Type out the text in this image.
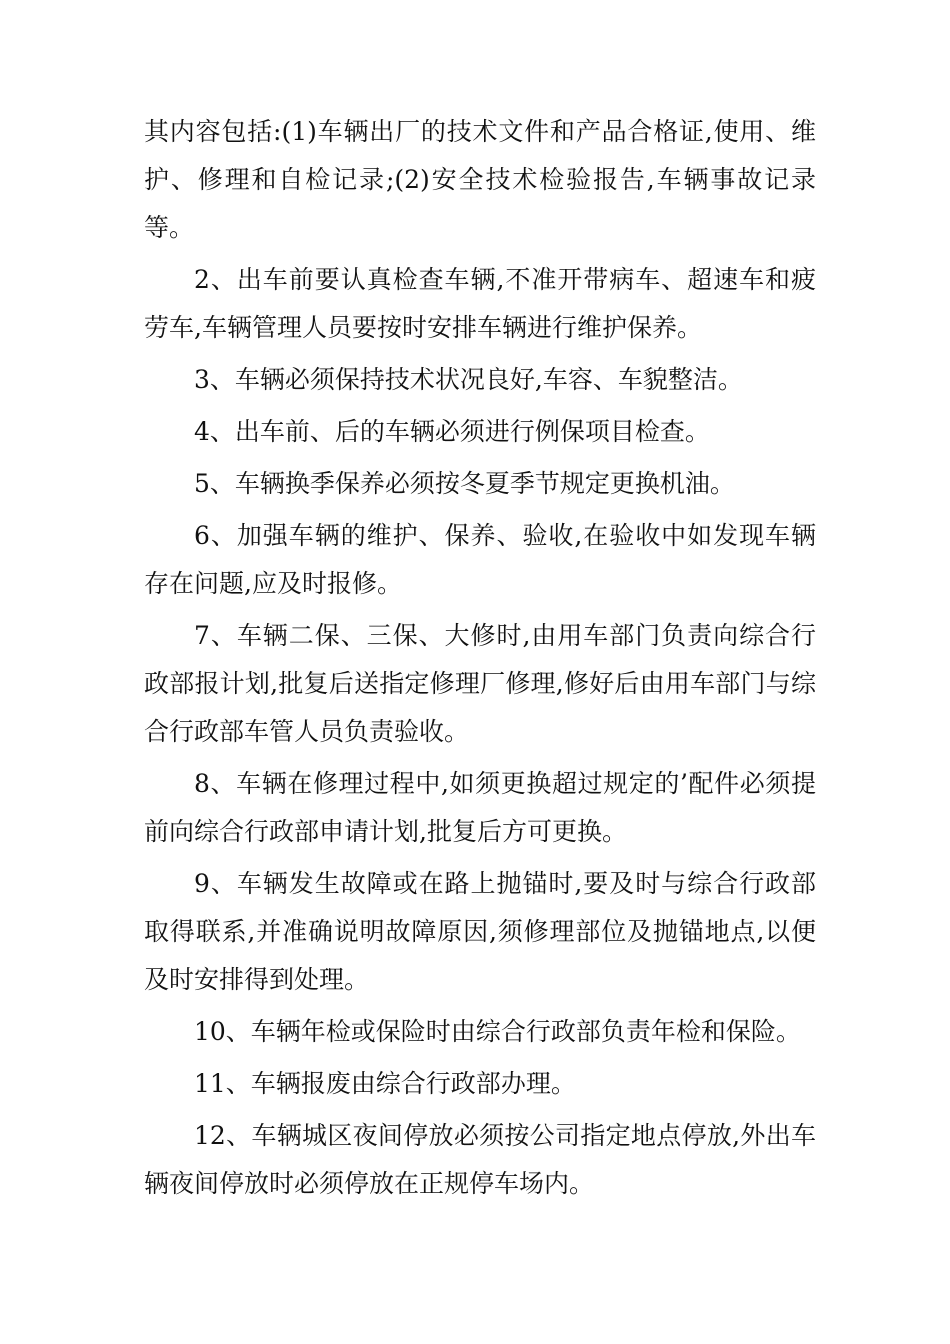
其内容包括:(1)车辆出厂的技术文件和产品合格证,使用、维护、修理和自检记录;(2)安全技术检验报告,车辆事故记录等。

2、出车前要认真检查车辆,不准开带病车、超速车和疲劳车,车辆管理人员要按时安排车辆进行维护保养。

3、车辆必须保持技术状况良好,车容、车貌整洁。

4、出车前、后的车辆必须进行例保项目检查。

5、车辆换季保养必须按冬夏季节规定更换机油。

6、加强车辆的维护、保养、验收,在验收中如发现车辆存在问题,应及时报修。

7、车辆二保、三保、大修时,由用车部门负责向综合行政部报计划,批复后送指定修理厂修理,修好后由用车部门与综合行政部车管人员负责验收。

8、车辆在修理过程中,如须更换超过规定的’配件必须提前向综合行政部申请计划,批复后方可更换。

9、车辆发生故障或在路上抛锚时,要及时与综合行政部取得联系,并准确说明故障原因,须修理部位及抛锚地点,以便及时安排得到处理。

10、车辆年检或保险时由综合行政部负责年检和保险。

11、车辆报废由综合行政部办理。

12、车辆城区夜间停放必须按公司指定地点停放,外出车辆夜间停放时必须停放在正规停车场内。
